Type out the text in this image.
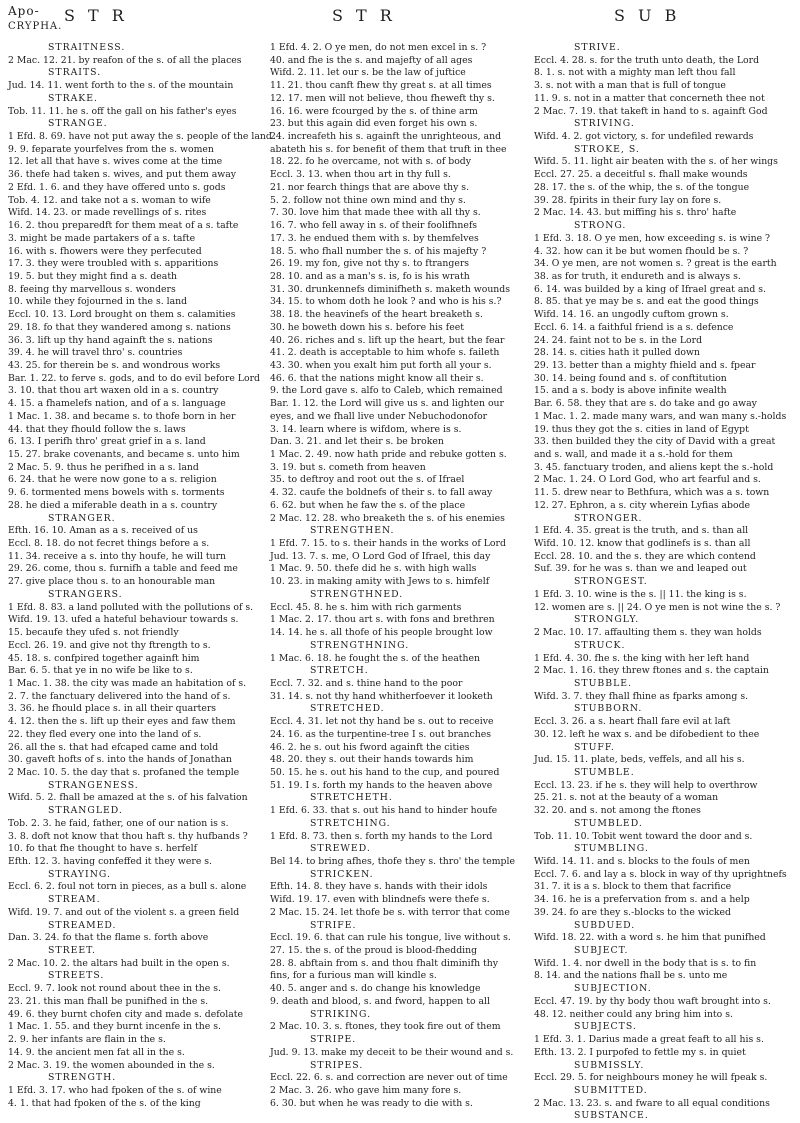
Apo-
CRYPHA.
S T R	S T R	S U B
STRAITNESS.
2 Mac. 12. 21. by reafon of the s. of all the places
STRAITS.
Jud. 14. 11. went forth to the s. of the mountain
STRAKE.
Tob. 11. 11. he s. off the gall on his father's eyes
STRANGE.
1 Efd. 8. 69. have not put away the s. people of the land
9. 9. feparate yourfelves from the s. women
12. let all that have s. wives come at the time
36. thefe had taken s. wives, and put them away
2 Efd. 1. 6. and they have offered unto s. gods
Tob. 4. 12. and take not a s. woman to wife
Wifd. 14. 23. or made revellings of s. rites
16. 2. thou preparedft for them meat of a s. tafte
3. might be made partakers of a s. tafte
16. with s. fhowers were they perfecuted
17. 3. they were troubled with s. apparitions
19. 5. but they might find a s. death
8. feeing thy marvellous s. wonders
10. while they fojourned in the s. land
Eccl. 10. 13. Lord brought on them s. calamities
29. 18. fo that they wandered among s. nations
36. 3. lift up thy hand againft the s. nations
39. 4. he will travel thro' s. countries
43. 25. for therein be s. and wondrous works
Bar. 1. 22. to ferve s. gods, and to do evil before Lord
3. 10. that thou art waxen old in a s. country
4. 15. a fhamelefs nation, and of a s. language
1 Mac. 1. 38. and became s. to thofe born in her
44. that they fhould follow the s. laws
6. 13. I perifh thro' great grief in a s. land
15. 27. brake covenants, and became s. unto him
2 Mac. 5. 9. thus he perifhed in a s. land
6. 24. that he were now gone to a s. religion
9. 6. tormented mens bowels with s. torments
28. he died a miferable death in a s. country
STRANGER.
Efth. 16. 10. Aman as a s. received of us
Eccl. 8. 18. do not fecret things before a s.
11. 34. receive a s. into thy houfe, he will turn
29. 26. come, thou s. furnifh a table and feed me
27. give place thou s. to an honourable man
STRANGERS.
1 Efd. 8. 83. a land polluted with the pollutions of s.
Wifd. 19. 13. ufed a hateful behaviour towards s.
15. becaufe they ufed s. not friendly
Eccl. 26. 19. and give not thy ftrength to s.
45. 18. s. confpired together againft him
Bar. 6. 5. that ye in no wife be like to s.
1 Mac. 1. 38. the city was made an habitation of s.
2. 7. the fanctuary delivered into the hand of s.
3. 36. he fhould place s. in all their quarters
4. 12. then the s. lift up their eyes and faw them
22. they fled every one into the land of s.
26. all the s. that had efcaped came and told
30. gaveft hofts of s. into the hands of Jonathan
2 Mac. 10. 5. the day that s. profaned the temple
STRANGENESS.
Wifd. 5. 2. fhall be amazed at the s. of his falvation
STRANGLED.
Tob. 2. 3. he faid, father, one of our nation is s.
3. 8. doft not know that thou haft s. thy hufbands ?
10. fo that fhe thought to have s. herfelf
Efth. 12. 3. having confeffed it they were s.
STRAYING.
Eccl. 6. 2. foul not torn in pieces, as a bull s. alone
STREAM.
Wifd. 19. 7. and out of the violent s. a green field
STREAMED.
Dan. 3. 24. fo that the flame s. forth above
STREET.
2 Mac. 10. 2. the altars had built in the open s.
STREETS.
Eccl. 9. 7. look not round about thee in the s.
23. 21. this man fhall be punifhed in the s.
49. 6. they burnt chofen city and made s. defolate
1 Mac. 1. 55. and they burnt incenfe in the s.
2. 9. her infants are flain in the s.
14. 9. the ancient men fat all in the s.
2 Mac. 3. 19. the women abounded in the s.
STRENGTH.
1 Efd. 3. 17. who had fpoken of the s. of wine
4. 1. that had fpoken of the s. of the king
1 Efd. 4. 2. O ye men, do not men excel in s. ?
40. and fhe is the s. and majefty of all ages
Wifd. 2. 11. let our s. be the law of juftice
11. 21. thou canft fhew thy great s. at all times
12. 17. men will not believe, thou fheweft thy s.
16. 16. were fcourged by the s. of thine arm
23. but this again did even forget his own s.
24. increafeth his s. againft the unrighteous, and
abateth his s. for benefit of them that truft in thee
18. 22. fo he overcame, not with s. of body
Eccl. 3. 13. when thou art in thy full s.
21. nor fearch things that are above thy s.
5. 2. follow not thine own mind and thy s.
7. 30. love him that made thee with all thy s.
16. 7. who fell away in s. of their foolifhnefs
17. 3. he endued them with s. by themfelves
18. 5. who fhall number the s. of his majefty ?
26. 19. my fon, give not thy s. to ftrangers
28. 10. and as a man's s. is, fo is his wrath
31. 30. drunkennefs diminifheth s. maketh wounds
34. 15. to whom doth he look ? and who is his s.?
38. 18. the heavinefs of the heart breaketh s.
30. he boweth down his s. before his feet
40. 26. riches and s. lift up the heart, but the fear
41. 2. death is acceptable to him whofe s. faileth
43. 30. when you exalt him put forth all your s.
46. 6. that the nations might know all their s.
9. the Lord gave s. alfo to Caleb, which remained
Bar. 1. 12. the Lord will give us s. and lighten our
eyes, and we fhall live under Nebuchodonofor
3. 14. learn where is wifdom, where is s.
Dan. 3. 21. and let their s. be broken
1 Mac. 2. 49. now hath pride and rebuke gotten s.
3. 19. but s. cometh from heaven
35. to deftroy and root out the s. of Ifrael
4. 32. caufe the boldnefs of their s. to fall away
6. 62. but when he faw the s. of the place
2 Mac. 12. 28. who breaketh the s. of his enemies
STRENGTHEN.
1 Efd. 7. 15. to s. their hands in the works of Lord
Jud. 13. 7. s. me, O Lord God of Ifrael, this day
1 Mac. 9. 50. thefe did he s. with high walls
10. 23. in making amity with Jews to s. himfelf
STRENGTHNED.
Eccl. 45. 8. he s. him with rich garments
1 Mac. 2. 17. thou art s. with fons and brethren
14. 14. he s. all thofe of his people brought low
STRENGTHNING.
1 Mac. 6. 18. he fought the s. of the heathen
STRETCH.
Eccl. 7. 32. and s. thine hand to the poor
31. 14. s. not thy hand whitherfoever it looketh
STRETCHED.
Eccl. 4. 31. let not thy hand be s. out to receive
24. 16. as the turpentine-tree I s. out branches
46. 2. he s. out his fword againft the cities
48. 20. they s. out their hands towards him
50. 15. he s. out his hand to the cup, and poured
51. 19. I s. forth my hands to the heaven above
STRETCHETH.
1 Efd. 6. 33. that s. out his hand to hinder houfe
STRETCHING.
1 Efd. 8. 73. then s. forth my hands to the Lord
STREWED.
Bel 14. to bring afhes, thofe they s. thro' the temple
STRICKEN.
Efth. 14. 8. they have s. hands with their idols
Wifd. 19. 17. even with blindnefs were thefe s.
2 Mac. 15. 24. let thofe be s. with terror that come
STRIFE.
Eccl. 19. 6. that can rule his tongue, live without s.
27. 15. the s. of the proud is blood-fhedding
28. 8. abftain from s. and thou fhalt diminifh thy
fins, for a furious man will kindle s.
40. 5. anger and s. do change his knowledge
9. death and blood, s. and fword, happen to all
STRIKING.
2 Mac. 10. 3. s. ftones, they took fire out of them
STRIPE.
Jud. 9. 13. make my deceit to be their wound and s.
STRIPES.
Eccl. 22. 6. s. and correction are never out of time
2 Mac. 3. 26. who gave him many fore s.
6. 30. but when he was ready to die with s.
STRIVE.
Eccl. 4. 28. s. for the truth unto death, the Lord
8. 1. s. not with a mighty man left thou fall
3. s. not with a man that is full of tongue
11. 9. s. not in a matter that concerneth thee not
2 Mac. 7. 19. that takeft in hand to s. againft God
STRIVING.
Wifd. 4. 2. got victory, s. for undefiled rewards
STROKE, S.
Wifd. 5. 11. light air beaten with the s. of her wings
Eccl. 27. 25. a deceitful s. fhall make wounds
28. 17. the s. of the whip, the s. of the tongue
39. 28. fpirits in their fury lay on fore s.
2 Mac. 14. 43. but miffing his s. thro' hafte
STRONG.
1 Efd. 3. 18. O ye men, how exceeding s. is wine ?
4. 32. how can it be but women fhould be s. ?
34. O ye men, are not women s. ? great is the earth
38. as for truth, it endureth and is always s.
6. 14. was builded by a king of Ifrael great and s.
8. 85. that ye may be s. and eat the good things
Wifd. 14. 16. an ungodly cuftom grown s.
Eccl. 6. 14. a faithful friend is a s. defence
24. 24. faint not to be s. in the Lord
28. 14. s. cities hath it pulled down
29. 13. better than a mighty fhield and s. fpear
30. 14. being found and s. of conftitution
15. and a s. body is above infinite wealth
Bar. 6. 58. they that are s. do take and go away
1 Mac. 1. 2. made many wars, and wan many s.-holds
19. thus they got the s. cities in land of Egypt
33. then builded they the city of David with a great
and s. wall, and made it a s.-hold for them
3. 45. fanctuary troden, and aliens kept the s.-hold
2 Mac. 1. 24. O Lord God, who art fearful and s.
11. 5. drew near to Bethfura, which was a s. town
12. 27. Ephron, a s. city wherein Lyfias abode
STRONGER.
1 Efd. 4. 35. great is the truth, and s. than all
Wifd. 10. 12. know that godlinefs is s. than all
Eccl. 28. 10. and the s. they are which contend
Suf. 39. for he was s. than we and leaped out
STRONGEST.
1 Efd. 3. 10. wine is the s. || 11. the king is s.
12. women are s. || 24. O ye men is not wine the s. ?
STRONGLY.
2 Mac. 10. 17. affaulting them s. they wan holds
STRUCK.
1 Efd. 4. 30. fhe s. the king with her left hand
2 Mac. 1. 16. they threw ftones and s. the captain
STUBBLE.
Wifd. 3. 7. they fhall fhine as fparks among s.
STUBBORN.
Eccl. 3. 26. a s. heart fhall fare evil at laft
30. 12. left he wax s. and be difobedient to thee
STUFF.
Jud. 15. 11. plate, beds, veffels, and all his s.
STUMBLE.
Eccl. 13. 23. if he s. they will help to overthrow
25. 21. s. not at the beauty of a woman
32. 20. and s. not among the ftones
STUMBLED.
Tob. 11. 10. Tobit went toward the door and s.
STUMBLING.
Wifd. 14. 11. and s. blocks to the fouls of men
Eccl. 7. 6. and lay a s. block in way of thy uprightnefs
31. 7. it is a s. block to them that facrifice
34. 16. he is a prefervation from s. and a help
39. 24. fo are they s.-blocks to the wicked
SUBDUED.
Wifd. 18. 22. with a word s. he him that punifhed
SUBJECT.
Wifd. 1. 4. nor dwell in the body that is s. to fin
8. 14. and the nations fhall be s. unto me
SUBJECTION.
Eccl. 47. 19. by thy body thou waft brought into s.
48. 12. neither could any bring him into s.
SUBJECTS.
1 Efd. 3. 1. Darius made a great feaft to all his s.
Efth. 13. 2. I purpofed to fettle my s. in quiet
SUBMISSLY.
Eccl. 29. 5. for neighbours money he will fpeak s.
SUBMITTED.
2 Mac. 13. 23. s. and fware to all equal conditions
SUBSTANCE.
